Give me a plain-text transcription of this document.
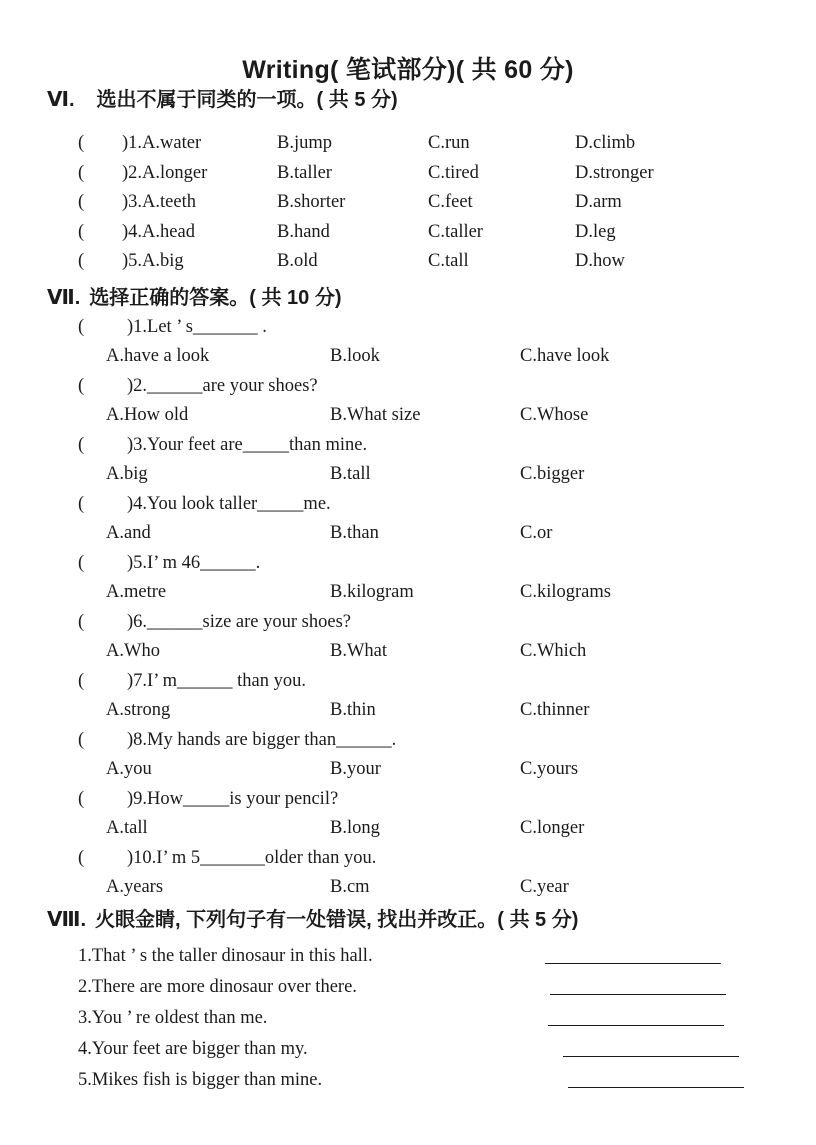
Writing( 笔试部分)( 共 60 分)
Ⅵ. 选出不属于同类的一项。( 共 5 分)
(	)1.A.water	B.jump	C.run	D.climb
(	)2.A.longer	B.taller	C.tired	D.stronger
(	)3.A.teeth	B.shorter	C.feet	D.arm
(	)4.A.head	B.hand	C.taller	D.leg
(	)5.A.big	B.old	C.tall	D.how
Ⅶ. 选择正确的答案。( 共 10 分)
(	)1.Let ’ s_______ .
A.have a look	B.look	C.have look
(	)2.______are your shoes?
A.How old	B.What size	C.Whose
(	)3.Your feet are_____than mine.
A.big	B.tall	C.bigger
(	)4.You look taller_____me.
A.and	B.than	C.or
(	)5.I’ m 46______.
A.metre	B.kilogram	C.kilograms
(	)6.______size are your shoes?
A.Who	B.What	C.Which
(	)7.I’ m______ than you.
A.strong	B.thin	C.thinner
(	)8.My hands are bigger than______.
A.you	B.your	C.yours
(	)9.How_____is your pencil?
A.tall	B.long	C.longer
(	)10.I’ m 5_______older than you.
A.years	B.cm	C.year
Ⅷ. 火眼金睛, 下列句子有一处错误, 找出并改正。( 共 5 分)
1.That ’ s the taller dinosaur in this hall.
2.There are more dinosaur over there.
3.You ’ re oldest than me.
4.Your feet are bigger than my.
5.Mikes fish is bigger than mine.
